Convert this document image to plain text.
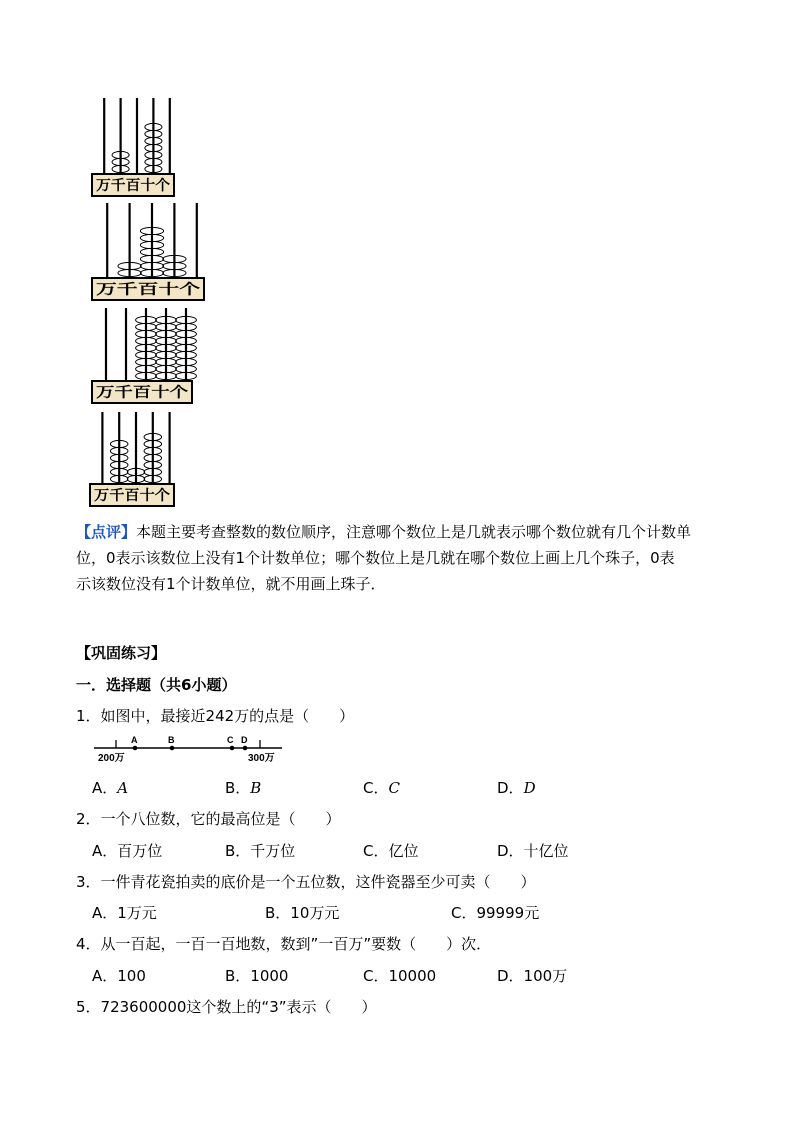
万千百十个
万千百十个
万千百十个
万千百十个

【点评】本题主要考查整数的数位顺序，注意哪个数位上是几就表示哪个数位就有几个计数单

位，0表示该数位上没有1个计数单位；哪个数位上是几就在哪个数位上画上几个珠子，0表

示该数位没有1个计数单位，就不用画上珠子．

【巩固练习】
一．选择题（共6小题）
1．如图中，最接近242万的点是（　　）
A	B	C D
200万	300万
A．A	B．B	C．C	D．D
2．一个八位数，它的最高位是（　　）
A．百万位	B．千万位	C．亿位	D．十亿位
3．一件青花瓷拍卖的底价是一个五位数，这件瓷器至少可卖（　　）
A．1万元	B．10万元	C．99999元
4．从一百起，一百一百地数，数到”一百万”要数（　　）次．
A．100	B．1000	C．10000	D．100万
5．723600000这个数上的“3”表示（　　）
